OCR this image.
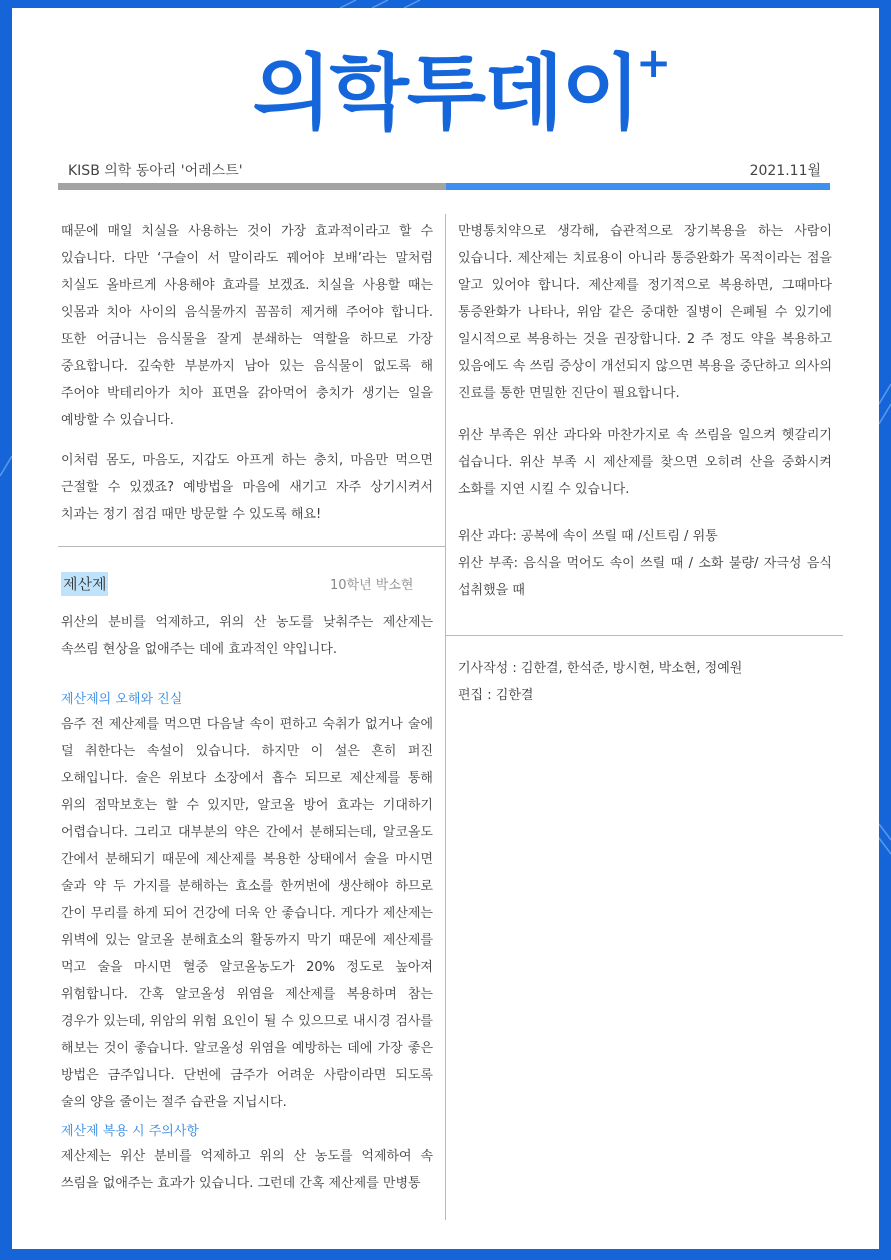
의학투데이
+
KISB 의학 동아리 '어레스트'	2021.11월

때문에 매일 치실을 사용하는 것이 가장 효과적이라고 할 수 있습니다. 다만 ‘구슬이 서 말이라도 꿰어야 보배’라는 말처럼 치실도 올바르게 사용해야 효과를 보겠죠. 치실을 사용할 때는 잇몸과 치아 사이의 음식물까지 꼼꼼히 제거해 주어야 합니다. 또한 어금니는 음식물을 잘게 분쇄하는 역할을 하므로 가장 중요합니다. 깊숙한 부분까지 남아 있는 음식물이 없도록 해 주어야 박테리아가 치아 표면을 갉아먹어 충치가 생기는 일을 예방할 수 있습니다.

이처럼 몸도, 마음도, 지갑도 아프게 하는 충치, 마음만 먹으면 근절할 수 있겠죠? 예방법을 마음에 새기고 자주 상기시켜서 치과는 정기 점검 때만 방문할 수 있도록 해요!

제산제	10학년 박소현

위산의 분비를 억제하고, 위의 산 농도를 낮춰주는 제산제는 속쓰림 현상을 없애주는 데에 효과적인 약입니다.

제산제의 오해와 진실

음주 전 제산제를 먹으면 다음날 속이 편하고 숙취가 없거나 술에 덜 취한다는 속설이 있습니다. 하지만 이 설은 흔히 퍼진 오해입니다. 술은 위보다 소장에서 흡수 되므로 제산제를 통해 위의 점막보호는 할 수 있지만, 알코올 방어 효과는 기대하기 어렵습니다. 그리고 대부분의 약은 간에서 분해되는데, 알코올도 간에서 분해되기 때문에 제산제를 복용한 상태에서 술을 마시면 술과 약 두 가지를 분해하는 효소를 한꺼번에 생산해야 하므로 간이 무리를 하게 되어 건강에 더욱 안 좋습니다. 게다가 제산제는 위벽에 있는 알코올 분해효소의 활동까지 막기 때문에 제산제를 먹고 술을 마시면 혈중 알코올농도가 20% 정도로 높아져 위험합니다. 간혹 알코올성 위염을 제산제를 복용하며 참는 경우가 있는데, 위암의 위험 요인이 될 수 있으므로 내시경 검사를 해보는 것이 좋습니다. 알코올성 위염을 예방하는 데에 가장 좋은 방법은 금주입니다. 단번에 금주가 어려운 사람이라면 되도록 술의 양을 줄이는 절주 습관을 지닙시다.

제산제 복용 시 주의사항

제산제는 위산 분비를 억제하고 위의 산 농도를 억제하여 속 쓰림을 없애주는 효과가 있습니다. 그런데 간혹 제산제를 만병통

만병통치약으로 생각해, 습관적으로 장기복용을 하는 사람이 있습니다. 제산제는 치료용이 아니라 통증완화가 목적이라는 점을 알고 있어야 합니다. 제산제를 정기적으로 복용하면, 그때마다 통증완화가 나타나, 위암 같은 중대한 질병이 은폐될 수 있기에 일시적으로 복용하는 것을 권장합니다. 2 주 정도 약을 복용하고 있음에도 속 쓰림 증상이 개선되지 않으면 복용을 중단하고 의사의 진료를 통한 면밀한 진단이 필요합니다.

위산 부족은 위산 과다와 마찬가지로 속 쓰림을 일으켜 헷갈리기 쉽습니다. 위산 부족 시 제산제를 찾으면 오히려 산을 중화시켜 소화를 지연 시킬 수 있습니다.

위산 과다: 공복에 속이 쓰릴 때 /신트림 / 위통

위산 부족: 음식을 먹어도 속이 쓰릴 때 / 소화 불량/ 자극성 음식 섭취했을 때

기사작성 : 김한결, 한석준, 방시현, 박소현, 정예원

편집 : 김한결
